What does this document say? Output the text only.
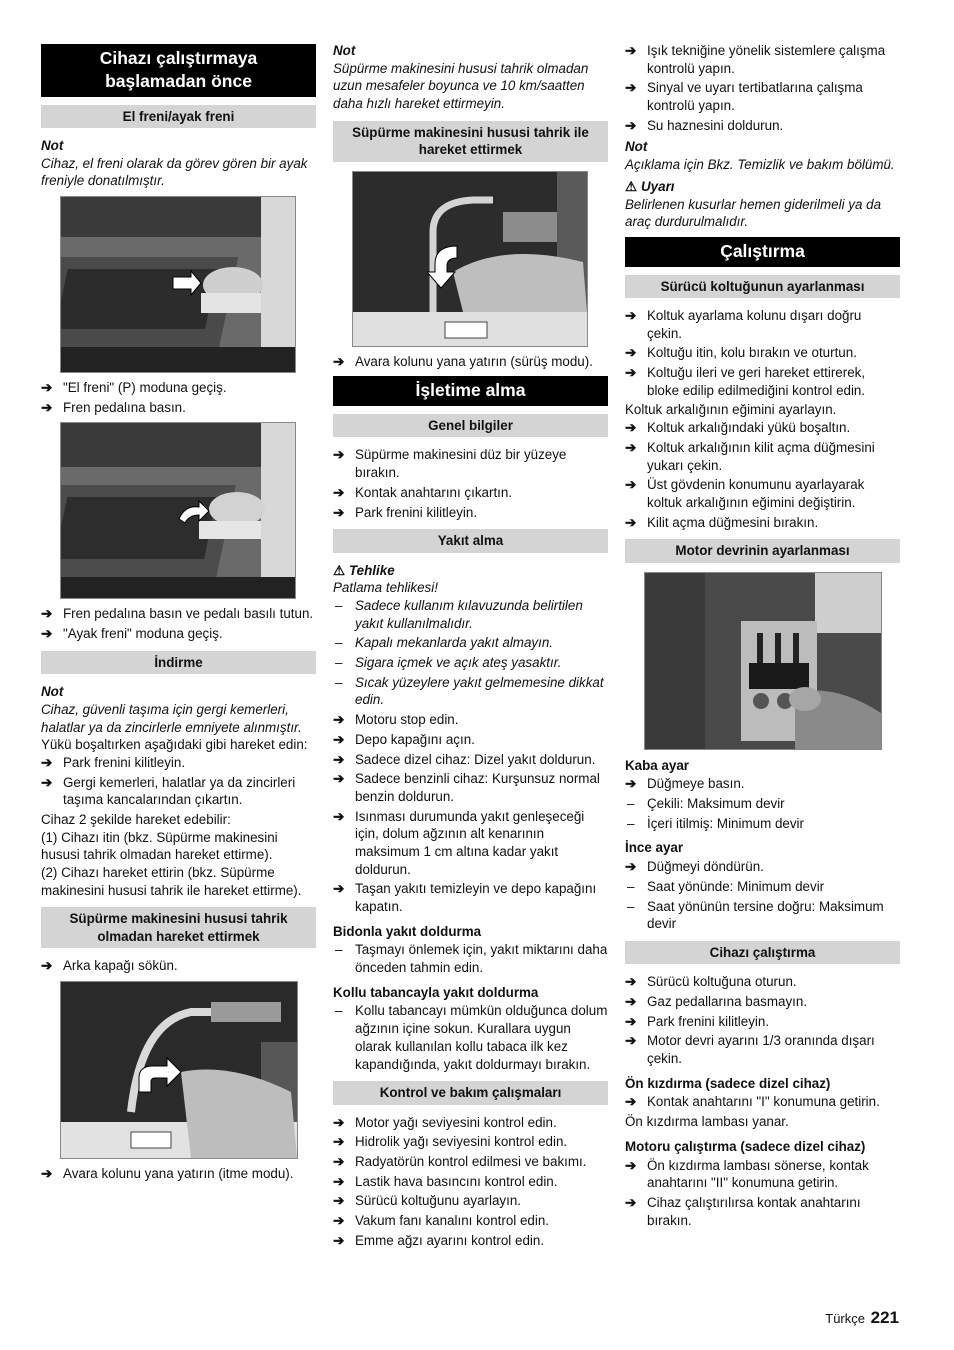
Cihazı çalıştırmaya
başlamadan önce
El freni/ayak freni
Not

Cihaz, el freni olarak da görev gören bir ayak freniyle donatılmıştır.

➔ "El freni" (P) moduna geçiş.
➔ Fren pedalına basın.
➔ Fren pedalına basın ve pedalı basılı tutun.
➔ "Ayak freni" moduna geçiş.
İndirme
Not

Cihaz, güvenli taşıma için gergi kemerleri, halatlar ya da zincirlerle emniyete alınmıştır.

Yükü boşaltırken aşağıdaki gibi hareket edin:

➔ Park frenini kilitleyin.
➔ Gergi kemerleri, halatlar ya da zincirleri taşıma kancalarından çıkartın.

Cihaz 2 şekilde hareket edebilir:

(1) Cihazı itin (bkz. Süpürme makinesini hususi tahrik olmadan hareket ettirme).

(2) Cihazı hareket ettirin (bkz. Süpürme makinesini hususi tahrik ile hareket ettirme).

Süpürme makinesini hususi tahrik olmadan hareket ettirmek
➔ Arka kapağı sökün.
➔ Avara kolunu yana yatırın (itme modu).
Not

Süpürme makinesini hususi tahrik olmadan uzun mesafeler boyunca ve 10 km/saatten daha hızlı hareket ettirmeyin.

Süpürme makinesini hususi tahrik ile hareket ettirmek
➔ Avara kolunu yana yatırın (sürüş modu).
İşletime alma
Genel bilgiler
➔ Süpürme makinesini düz bir yüzeye bırakın.
➔ Kontak anahtarını çıkartın.
➔ Park frenini kilitleyin.
Yakıt alma
⚠ Tehlike

Patlama tehlikesi!

– Sadece kullanım kılavuzunda belirtilen yakıt kullanılmalıdır.
– Kapalı mekanlarda yakıt almayın.
– Sigara içmek ve açık ateş yasaktır.
– Sıcak yüzeylere yakıt gelmemesine dikkat edin.
➔ Motoru stop edin.
➔ Depo kapağını açın.
➔ Sadece dizel cihaz: Dizel yakıt doldurun.
➔ Sadece benzinli cihaz: Kurşunsuz normal benzin doldurun.
➔ Isınması durumunda yakıt genleşeceği için, dolum ağzının alt kenarının maksimum 1 cm altına kadar yakıt doldurun.
➔ Taşan yakıtı temizleyin ve depo kapağını kapatın.
Bidonla yakıt doldurma
– Taşmayı önlemek için, yakıt miktarını daha önceden tahmin edin.
Kollu tabancayla yakıt doldurma
– Kollu tabancayı mümkün olduğunca dolum ağzının içine sokun. Kurallara uygun olarak kullanılan kollu tabaca ilk kez kapandığında, yakıt doldurmayı bırakın.
Kontrol ve bakım çalışmaları
➔ Motor yağı seviyesini kontrol edin.
➔ Hidrolik yağı seviyesini kontrol edin.
➔ Radyatörün kontrol edilmesi ve bakımı.
➔ Lastik hava basıncını kontrol edin.
➔ Sürücü koltuğunu ayarlayın.
➔ Vakum fanı kanalını kontrol edin.
➔ Emme ağzı ayarını kontrol edin.
➔ Işık tekniğine yönelik sistemlere çalışma kontrolü yapın.
➔ Sinyal ve uyarı tertibatlarına çalışma kontrolü yapın.
➔ Su haznesini doldurun.
Not

Açıklama için Bkz. Temizlik ve bakım bölümü.

⚠ Uyarı

Belirlenen kusurlar hemen giderilmeli ya da araç durdurulmalıdır.

Çalıştırma
Sürücü koltuğunun ayarlanması
➔ Koltuk ayarlama kolunu dışarı doğru çekin.
➔ Koltuğu itin, kolu bırakın ve oturtun.
➔ Koltuğu ileri ve geri hareket ettirerek, bloke edilip edilmediğini kontrol edin.

Koltuk arkalığının eğimini ayarlayın.

➔ Koltuk arkalığındaki yükü boşaltın.
➔ Koltuk arkalığının kilit açma düğmesini yukarı çekin.
➔ Üst gövdenin konumunu ayarlayarak koltuk arkalığının eğimini değiştirin.
➔ Kilit açma düğmesini bırakın.
Motor devrinin ayarlanması
Kaba ayar
➔ Düğmeye basın.
– Çekili: Maksimum devir
– İçeri itilmiş: Minimum devir
İnce ayar
➔ Düğmeyi döndürün.
– Saat yönünde: Minimum devir
– Saat yönünün tersine doğru: Maksimum devir
Cihazı çalıştırma
➔ Sürücü koltuğuna oturun.
➔ Gaz pedallarına basmayın.
➔ Park frenini kilitleyin.
➔ Motor devri ayarını 1/3 oranında dışarı çekin.
Ön kızdırma (sadece dizel cihaz)
➔ Kontak anahtarını "I" konumuna getirin.

Ön kızdırma lambası yanar.

Motoru çalıştırma (sadece dizel cihaz)
➔ Ön kızdırma lambası sönerse, kontak anahtarını "II" konumuna getirin.
➔ Cihaz çalıştırılırsa kontak anahtarını bırakın.
Türkçe 221
